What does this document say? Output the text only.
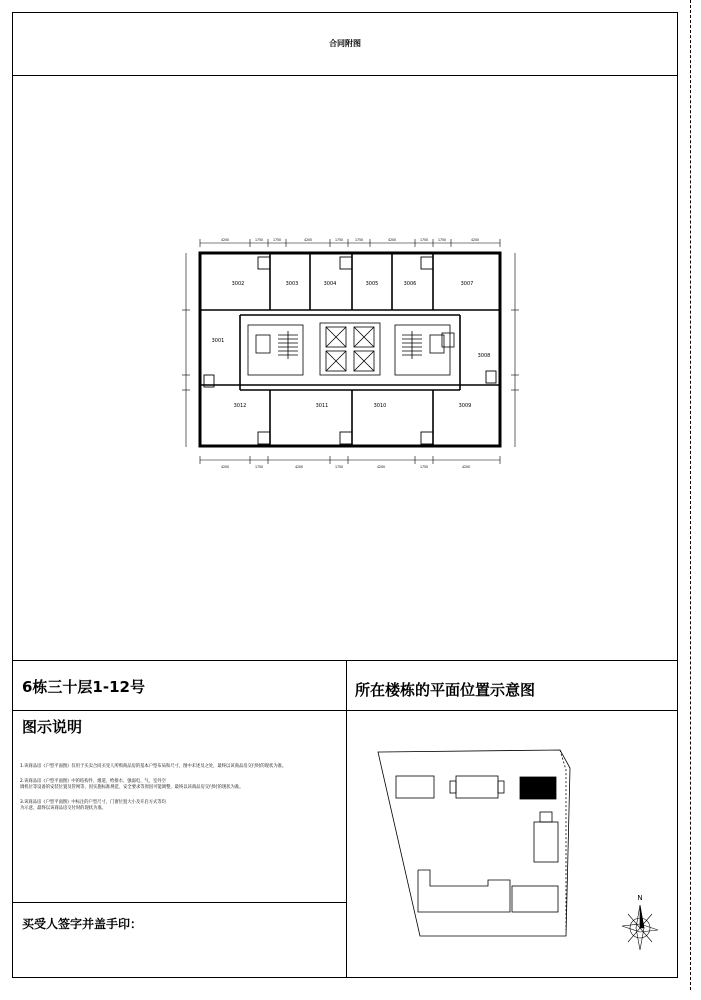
合同附图
4200	1750	1750	4200	1750	1750	4200	1750	1750	4200
4200	1750	4200	1750	4200	1750	4200
3002	3003	3004	3005	3006	3007
3001
3008
3012	3011	3010	3009
6栋三十层1-12号	所在楼栋的平面位置示意图
图示说明

1.该商品房《户型平面图》仅用于买卖合同买受人所购商品房的基本户型布局和尺寸，图中未述及之处，最终以该商品房交付时的现状为准。

2.该商品房《户型平面图》中的结构件、烟道、给排水、强弱电、气、室外空
调机位等设备的安装位置及管网等，因实施标准规范、安全要求等原因可能调整，最终以该商品房交付时的现状为准。

3.该商品房《户型平面图》中标注的户型尺寸、门窗位置大小及开启方式等均
为示意，最终以该商品房交付时的现状为准。

买受人签字并盖手印：
N
